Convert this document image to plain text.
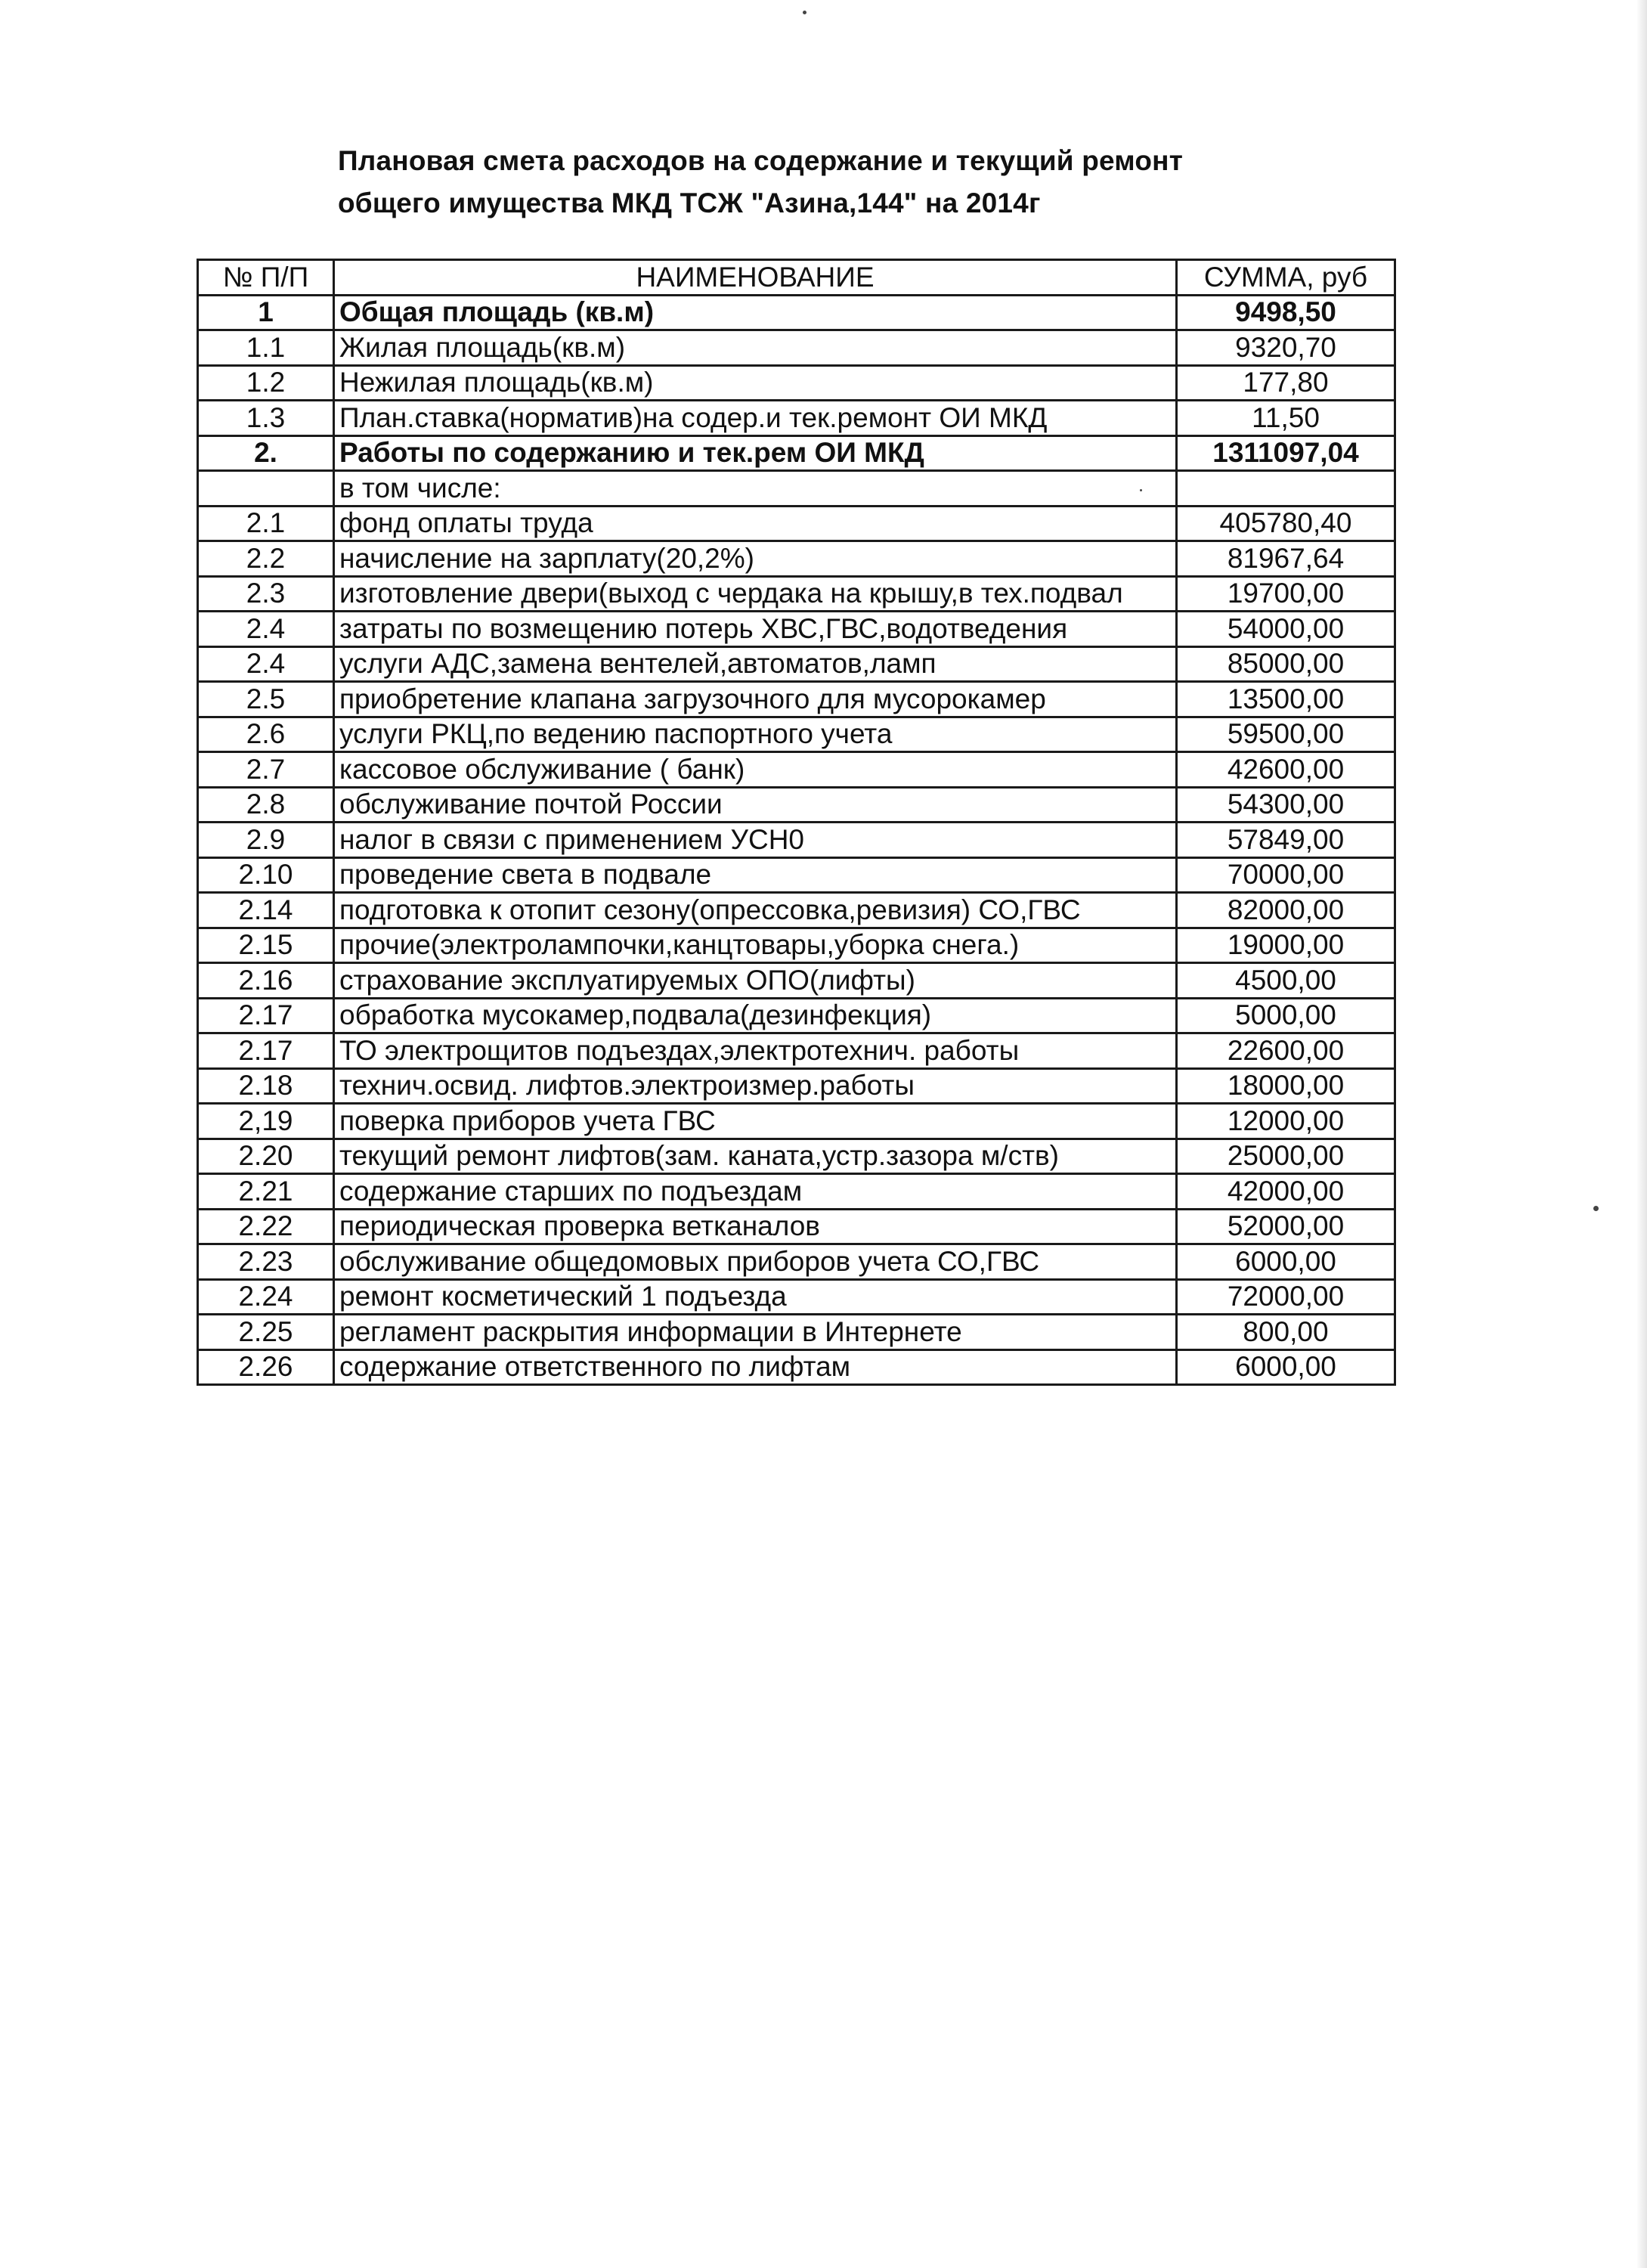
Плановая смета расходов на содержание и текущий ремонт
общего имущества МКД ТСЖ "Азина,144" на 2014г
№ П/П	НАИМЕНОВАНИЕ	СУММА, руб
1	Общая площадь (кв.м)	9498,50
1.1	Жилая площадь(кв.м)	9320,70
1.2	Нежилая площадь(кв.м)	177,80
1.3	План.ставка(норматив)на содер.и тек.ремонт ОИ МКД	11,50
2.	Работы по содержанию и тек.рем ОИ МКД	1311097,04
	в том числе:	
2.1	фонд оплаты труда	405780,40
2.2	начисление на зарплату(20,2%)	81967,64
2.3	изготовление двери(выход с чердака на крышу,в тех.подвал	19700,00
2.4	затраты по возмещению потерь ХВС,ГВС,водотведения	54000,00
2.4	услуги АДС,замена вентелей,автоматов,ламп	85000,00
2.5	приобретение клапана загрузочного для мусорокамер	13500,00
2.6	услуги РКЦ,по ведению паспортного учета	59500,00
2.7	кассовое обслуживание ( банк)	42600,00
2.8	обслуживание почтой России	54300,00
2.9	налог в связи с применением УСН0	57849,00
2.10	проведение света в подвале	70000,00
2.14	подготовка к отопит сезону(опрессовка,ревизия) СО,ГВС	82000,00
2.15	прочие(электролампочки,канцтовары,уборка снега.)	19000,00
2.16	страхование эксплуатируемых ОПО(лифты)	4500,00
2.17	обработка мусокамер,подвала(дезинфекция)	5000,00
2.17	ТО электрощитов подъездах,электротехнич. работы	22600,00
2.18	технич.освид. лифтов.электроизмер.работы	18000,00
2,19	поверка приборов учета ГВС	12000,00
2.20	текущий ремонт лифтов(зам. каната,устр.зазора м/ств)	25000,00
2.21	содержание старших по подъездам	42000,00
2.22	периодическая проверка ветканалов	52000,00
2.23	обслуживание общедомовых приборов учета СО,ГВС	6000,00
2.24	ремонт косметический 1 подъезда	72000,00
2.25	регламент раскрытия информации в Интернете	800,00
2.26	содержание ответственного по лифтам	6000,00
